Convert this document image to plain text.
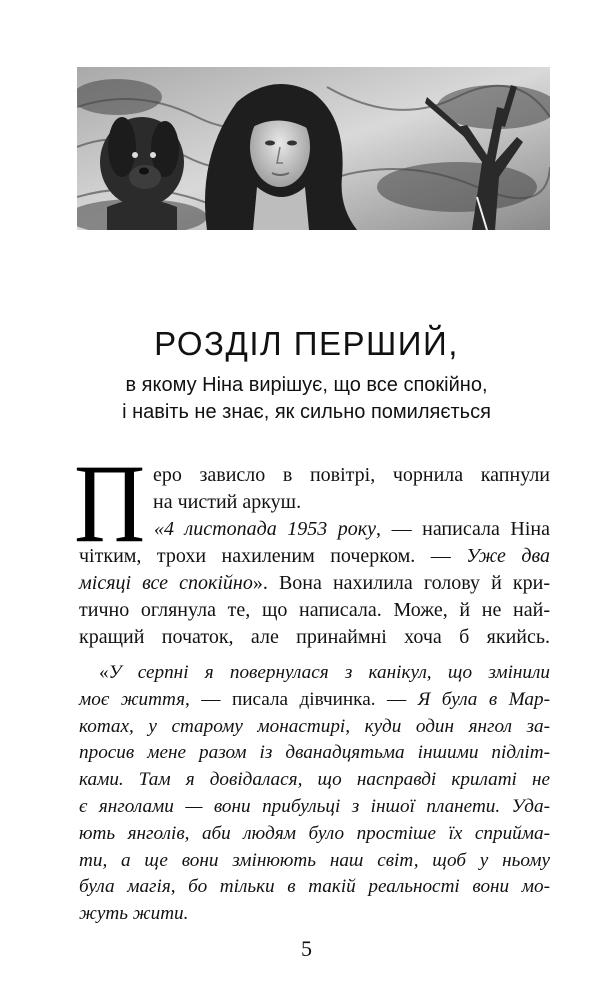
РОЗДІЛ ПЕРШИЙ,
в якому Ніна вирішує, що все спокійно,
і навіть не знає, як сильно помиляється
П еро зависло в повітрі, чорнила капнули
на чистий аркуш.
«4 листопада 1953 року, — написала Ніна
чітким, трохи нахиленим почерком. — Уже два
місяці все спокійно». Вона нахилила голову й кри-
тично оглянула те, що написала. Може, й не най-
кращий початок, але принаймні хоча б якийсь.
«У серпні я повернулася з канікул, що змінили
моє життя, — писала дівчинка. — Я була в Мар-
котах, у старому монастирі, куди один янгол за-
просив мене разом із дванадцятьма іншими підліт-
ками. Там я довідалася, що насправді крилаті не
є янголами — вони прибульці з іншої планети. Уда-
ють янголів, аби людям було простіше їх сприйма-
ти, а ще вони змінюють наш світ, щоб у ньому
була магія, бо тільки в такій реальності вони мо-
жуть жити.
5
